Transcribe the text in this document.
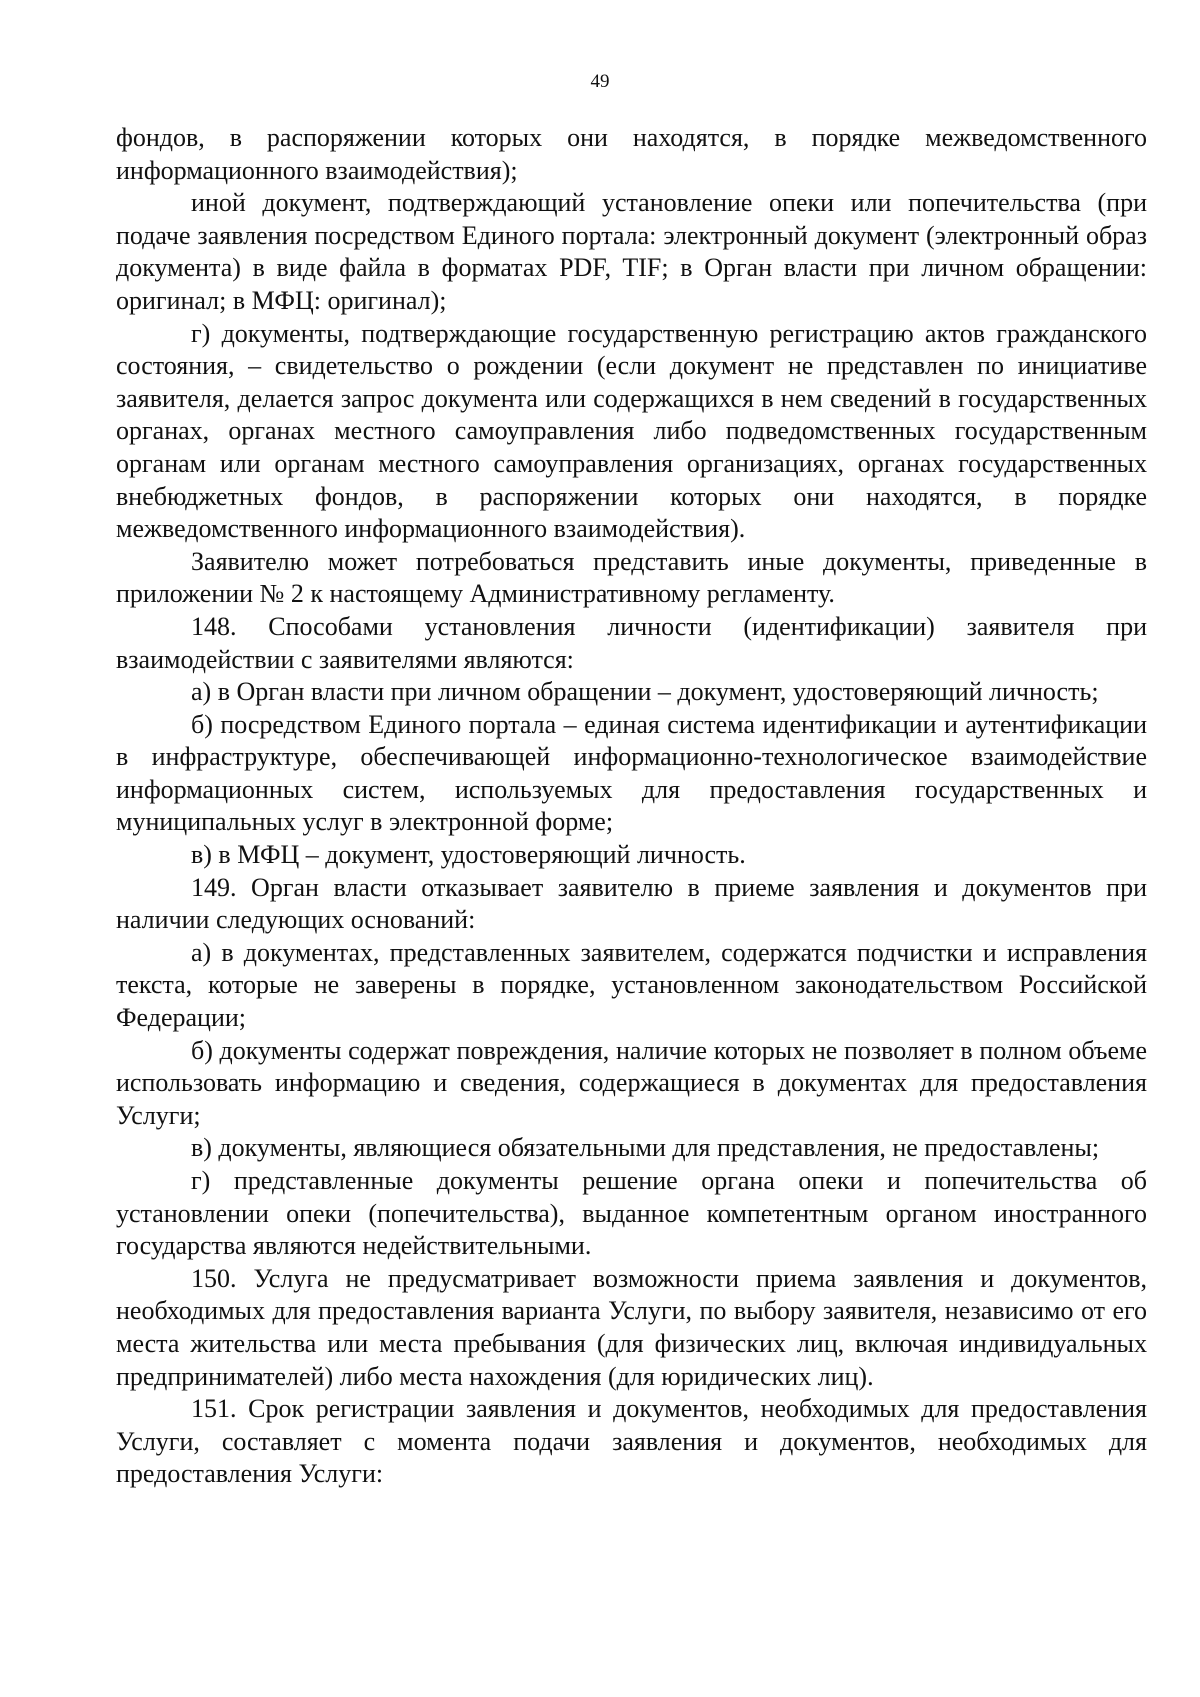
49

фондов, в распоряжении которых они находятся, в порядке межведомственного информационного взаимодействия);

иной документ, подтверждающий установление опеки или попечительства (при подаче заявления посредством Единого портала: электронный документ (электронный образ документа) в виде файла в форматах PDF, TIF; в Орган власти при личном обращении: оригинал; в МФЦ: оригинал);

г) документы, подтверждающие государственную регистрацию актов гражданского состояния, – свидетельство о рождении (если документ не представлен по инициативе заявителя, делается запрос документа или содержащихся в нем сведений в государственных органах, органах местного самоуправления либо подведомственных государственным органам или органам местного самоуправления организациях, органах государственных внебюджетных фондов, в распоряжении которых они находятся, в порядке межведомственного информационного взаимодействия).

Заявителю может потребоваться представить иные документы, приведенные в приложении № 2 к настоящему Административному регламенту.

148. Способами установления личности (идентификации) заявителя при взаимодействии с заявителями являются:

а) в Орган власти при личном обращении – документ, удостоверяющий личность;

б) посредством Единого портала – единая система идентификации и аутентификации в инфраструктуре, обеспечивающей информационно-технологическое взаимодействие информационных систем, используемых для предоставления государственных и муниципальных услуг в электронной форме;

в) в МФЦ – документ, удостоверяющий личность.

149. Орган власти отказывает заявителю в приеме заявления и документов при наличии следующих оснований:

а) в документах, представленных заявителем, содержатся подчистки и исправления текста, которые не заверены в порядке, установленном законодательством Российской Федерации;

б) документы содержат повреждения, наличие которых не позволяет в полном объеме использовать информацию и сведения, содержащиеся в документах для предоставления Услуги;

в) документы, являющиеся обязательными для представления, не предоставлены;

г) представленные документы решение органа опеки и попечительства об установлении опеки (попечительства), выданное компетентным органом иностранного государства являются недействительными.

150. Услуга не предусматривает возможности приема заявления и документов, необходимых для предоставления варианта Услуги, по выбору заявителя, независимо от его места жительства или места пребывания (для физических лиц, включая индивидуальных предпринимателей) либо места нахождения (для юридических лиц).

151. Срок регистрации заявления и документов, необходимых для предоставления Услуги, составляет с момента подачи заявления и документов, необходимых для предоставления Услуги:
